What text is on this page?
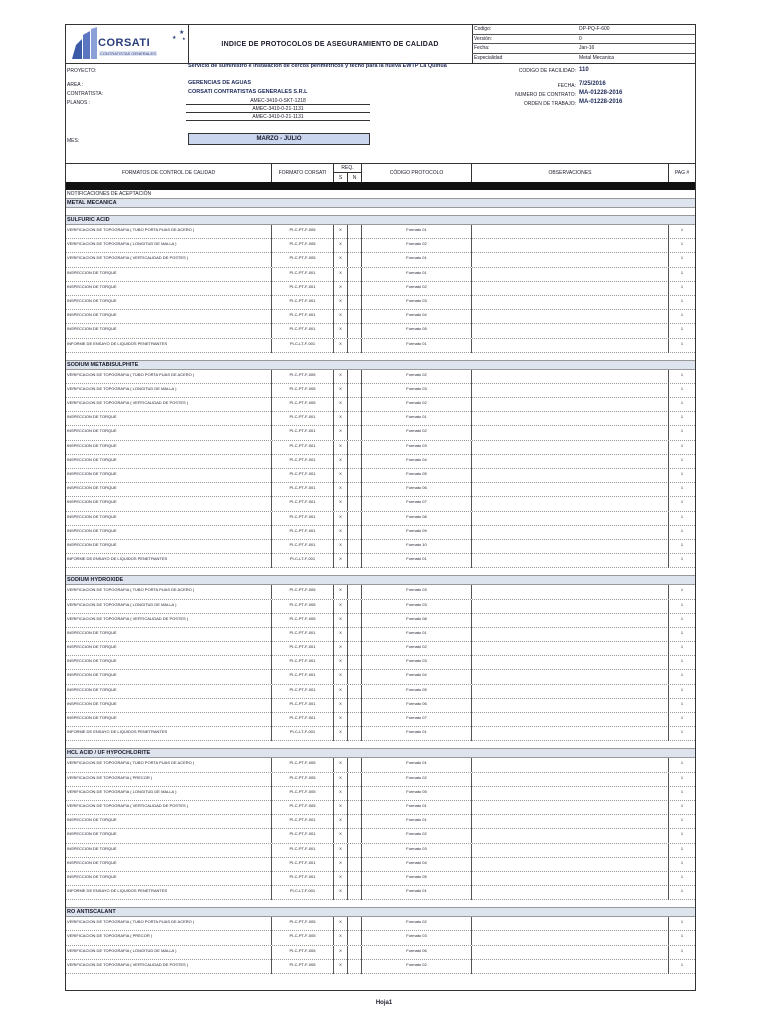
★
★ ★
CORSATI
CONTRATISTAS GENERALES
INDICE DE PROTOCOLOS DE ASEGURAMIENTO DE CALIDAD
Codigo:	DP-PQ-F-600
Versión:	0
Fecha:	Jan-16
Especialidad	Metal Mecanica
PROYECTO:
Servicio de suministro e instalación de cercos perimétricos y techo para la nueva EWTP La Quinua
AREA :	GERENCIAS DE AGUAS
CONTRATISTA:	CORSATI CONTRATISTAS GENERALES S.R.L
PLANOS :	AMEC-3410-0-SKT-1218
AMEC-3410-0-21-1131
AMEC-3410-0-21-1131
MES:	MARZO - JULIO
CODIGO DE FACILIDAD: 110
FECHA: 7/25/2016
NUMERO DE CONTRATO: MA-01228-2016
ORDEN DE TRABAJO: MA-01228-2016
FORMATOS DE CONTROL DE CALIDAD	FORMATO CORSATI
REQ.
S	N
CÓDIGO PROTOCOLO	OBSERVACIONES	PAG #
NOTIFICACIONES DE ACEPTACIÓN
METAL MECANICA
SULFURIC ACID
VERIFICACION DE TOPOGRAFIA ( TUBO PORTA PUAS DE ACERO )	PI-C-PT-F-005	X	Formato 01	1
VERIFICACION DE TOPOGRAFIA ( LONGITUD DE MALLA )	PI-C-PT-F-005	X	Formato 02	1
VERIFICACION DE TOPOGRAFIA ( VERTICALIDAD DE POSTES )	PI-C-PT-F-005	X	Formato 01	1
INSPECCION DE TORQUE	PI-C-PT-F-001	X	Formato 01	1
INSPECCION DE TORQUE	PI-C-PT-F-001	X	Formato 02	1
INSPECCION DE TORQUE	PI-C-PT-F-001	X	Formato 03	1
INSPECCION DE TORQUE	PI-C-PT-F-001	X	Formato 04	1
INSPECCION DE TORQUE	PI-C-PT-F-001	X	Formato 05	1
INFORME DE ENSAYO DE LIQUIDOS PENETRANTES	PI-C-LT-F-001	X	Formato 01	1
SODIUM METABISULPHITE
VERIFICACION DE TOPOGRAFIA ( TUBO PORTA PUAS DE ACERO )	PI-C-PT-F-005	X	Formato 02	1
VERIFICACION DE TOPOGRAFIA ( LONGITUD DE MALLA )	PI-C-PT-F-005	X	Formato 03	1
VERIFICACION DE TOPOGRAFIA ( VERTICALIDAD DE POSTES )	PI-C-PT-F-005	X	Formato 02	1
INSPECCION DE TORQUE	PI-C-PT-F-001	X	Formato 01	1
INSPECCION DE TORQUE	PI-C-PT-F-001	X	Formato 02	1
INSPECCION DE TORQUE	PI-C-PT-F-001	X	Formato 03	1
INSPECCION DE TORQUE	PI-C-PT-F-001	X	Formato 04	1
INSPECCION DE TORQUE	PI-C-PT-F-001	X	Formato 05	1
INSPECCION DE TORQUE	PI-C-PT-F-001	X	Formato 06	1
INSPECCION DE TORQUE	PI-C-PT-F-001	X	Formato 07	1
INSPECCION DE TORQUE	PI-C-PT-F-001	X	Formato 08	1
INSPECCION DE TORQUE	PI-C-PT-F-001	X	Formato 09	1
INSPECCION DE TORQUE	PI-C-PT-F-001	X	Formato 10	1
INFORME DE ENSAYO DE LIQUIDOS PENETRANTES	PI-C-LT-F-001	X	Formato 01	1
SODIUM HYDROXIDE
VERIFICACION DE TOPOGRAFIA ( TUBO PORTA PUAS DE ACERO )	PI-C-PT-F-005	X	Formato 03	1
VERIFICACION DE TOPOGRAFIA ( LONGITUD DE MALLA )	PI-C-PT-F-005	X	Formato 03	1
VERIFICACION DE TOPOGRAFIA ( VERTICALIDAD DE POSTES )	PI-C-PT-F-005	X	Formato 08	1
INSPECCION DE TORQUE	PI-C-PT-F-001	X	Formato 01	1
INSPECCION DE TORQUE	PI-C-PT-F-001	X	Formato 02	1
INSPECCION DE TORQUE	PI-C-PT-F-001	X	Formato 03	1
INSPECCION DE TORQUE	PI-C-PT-F-001	X	Formato 04	1
INSPECCION DE TORQUE	PI-C-PT-F-001	X	Formato 05	1
INSPECCION DE TORQUE	PI-C-PT-F-001	X	Formato 06	1
INSPECCION DE TORQUE	PI-C-PT-F-001	X	Formato 07	1
INFORME DE ENSAYO DE LIQUIDOS PENETRANTES	PI-C-LT-F-001	X	Formato 01	1
HCL ACID / UF HYPOCHLORITE
VERIFICACION DE TOPOGRAFIA ( TUBO PORTA PUAS DE ACERO )	PI-C-PT-F-005	X	Formato 01	1
VERIFICACION DE TOPOGRAFIA ( PRECOR )	PI-C-PT-F-005	X	Formato 02	1
VERIFICACION DE TOPOGRAFIA ( LONGITUD DE MALLA )	PI-C-PT-F-005	X	Formato 05	1
VERIFICACION DE TOPOGRAFIA ( VERTICALIDAD DE POSTES )	PI-C-PT-F-005	X	Formato 01	1
INSPECCION DE TORQUE	PI-C-PT-F-001	X	Formato 01	1
INSPECCION DE TORQUE	PI-C-PT-F-001	X	Formato 02	1
INSPECCION DE TORQUE	PI-C-PT-F-001	X	Formato 03	1
INSPECCION DE TORQUE	PI-C-PT-F-001	X	Formato 04	1
INSPECCION DE TORQUE	PI-C-PT-F-001	X	Formato 05	1
INFORME DE ENSAYO DE LIQUIDOS PENETRANTES	PI-C-LT-F-001	X	Formato 01	1
RO ANTISCALANT
VERIFICACION DE TOPOGRAFIA ( TUBO PORTA PUAS DE ACERO )	PI-C-PT-F-005	X	Formato 02	1
VERIFICACION DE TOPOGRAFIA ( PRECOR )	PI-C-PT-F-005	X	Formato 03	1
VERIFICACION DE TOPOGRAFIA ( LONGITUD DE MALLA )	PI-C-PT-F-005	X	Formato 06	1
VERIFICACION DE TOPOGRAFIA ( VERTICALIDAD DE POSTES )	PI-C-PT-F-005	X	Formato 02	1
Hoja1
